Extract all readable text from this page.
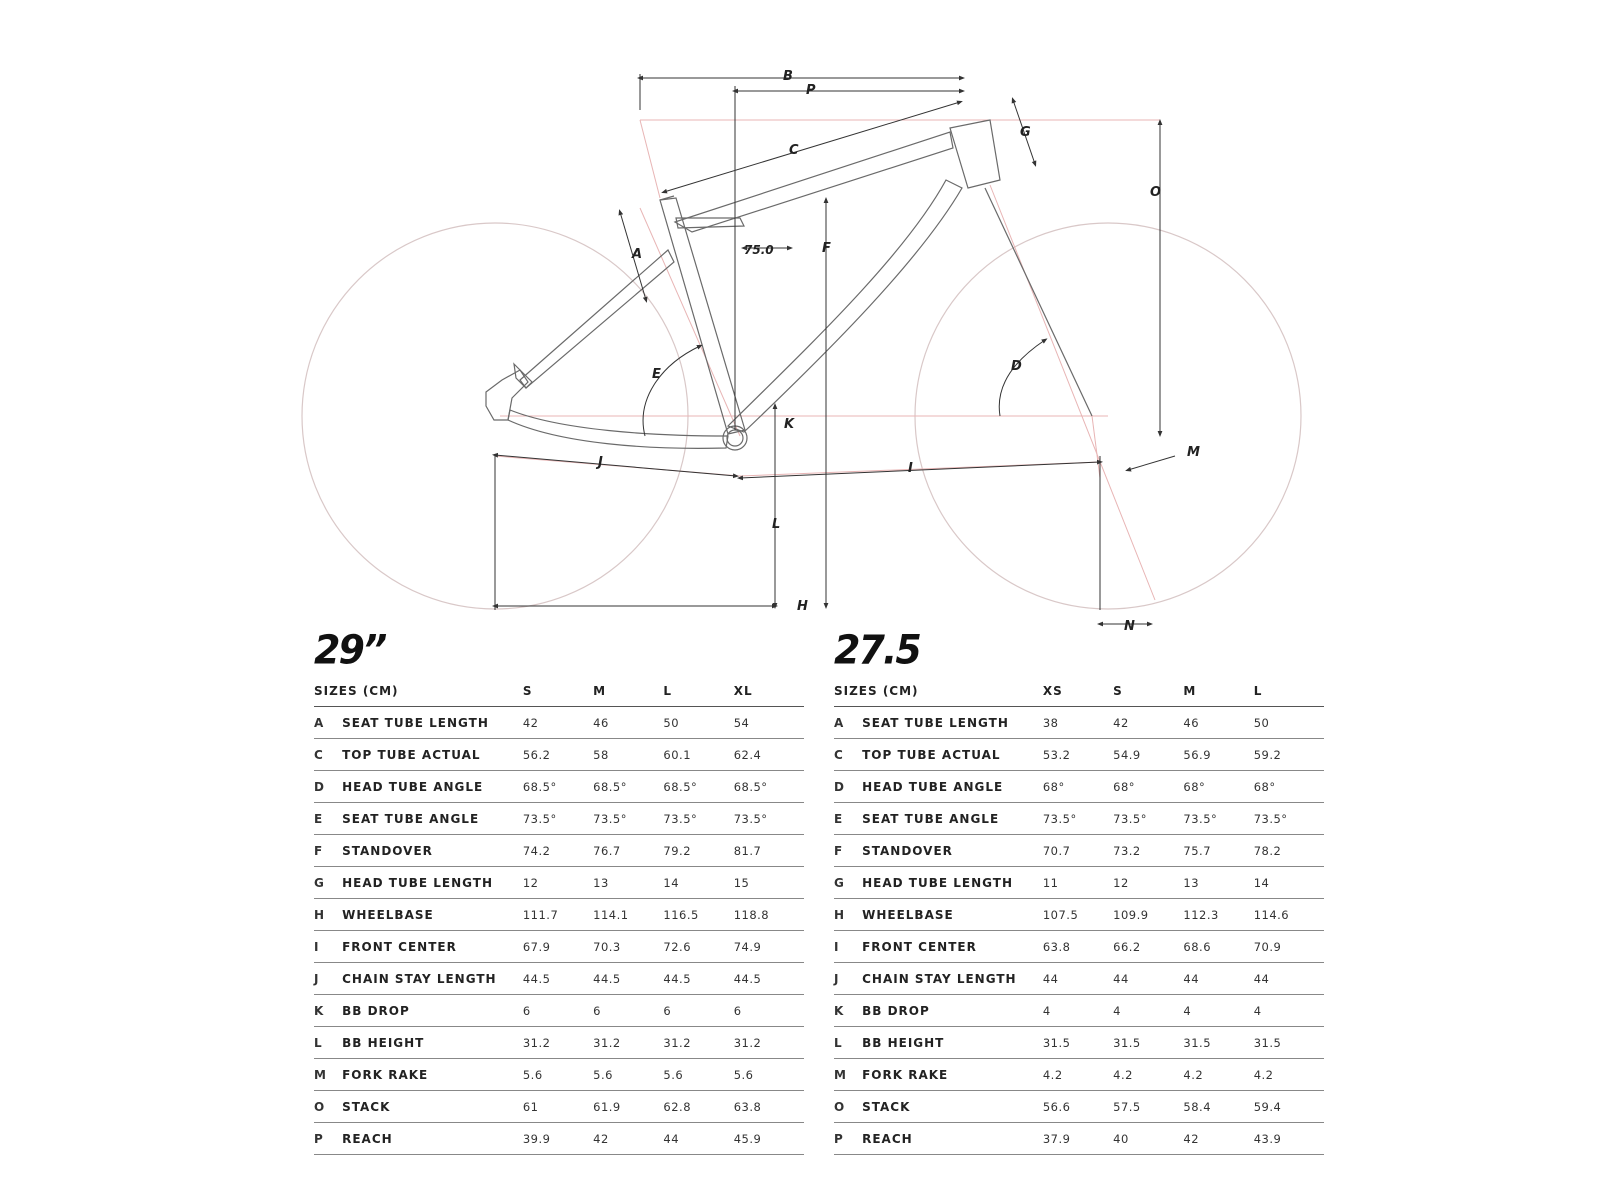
B
P
C
G
O
A	F
75.0
D
E
K
M
J	I
L
H
N
29”
SIZES (CM)		S	M	L	XL
A	SEAT TUBE LENGTH	42	46	50	54
C	TOP TUBE ACTUAL	56.2	58	60.1	62.4
D	HEAD TUBE ANGLE	68.5°	68.5°	68.5°	68.5°
E	SEAT TUBE ANGLE	73.5°	73.5°	73.5°	73.5°
F	STANDOVER	74.2	76.7	79.2	81.7
G	HEAD TUBE LENGTH	12	13	14	15
H	WHEELBASE	111.7	114.1	116.5	118.8
I	FRONT CENTER	67.9	70.3	72.6	74.9
J	CHAIN STAY LENGTH	44.5	44.5	44.5	44.5
K	BB DROP	6	6	6	6
L	BB HEIGHT	31.2	31.2	31.2	31.2
M	FORK RAKE	5.6	5.6	5.6	5.6
O	STACK	61	61.9	62.8	63.8
P	REACH	39.9	42	44	45.9
27.5
SIZES (CM)		XS	S	M	L
A	SEAT TUBE LENGTH	38	42	46	50
C	TOP TUBE ACTUAL	53.2	54.9	56.9	59.2
D	HEAD TUBE ANGLE	68°	68°	68°	68°
E	SEAT TUBE ANGLE	73.5°	73.5°	73.5°	73.5°
F	STANDOVER	70.7	73.2	75.7	78.2
G	HEAD TUBE LENGTH	11	12	13	14
H	WHEELBASE	107.5	109.9	112.3	114.6
I	FRONT CENTER	63.8	66.2	68.6	70.9
J	CHAIN STAY LENGTH	44	44	44	44
K	BB DROP	4	4	4	4
L	BB HEIGHT	31.5	31.5	31.5	31.5
M	FORK RAKE	4.2	4.2	4.2	4.2
O	STACK	56.6	57.5	58.4	59.4
P	REACH	37.9	40	42	43.9
